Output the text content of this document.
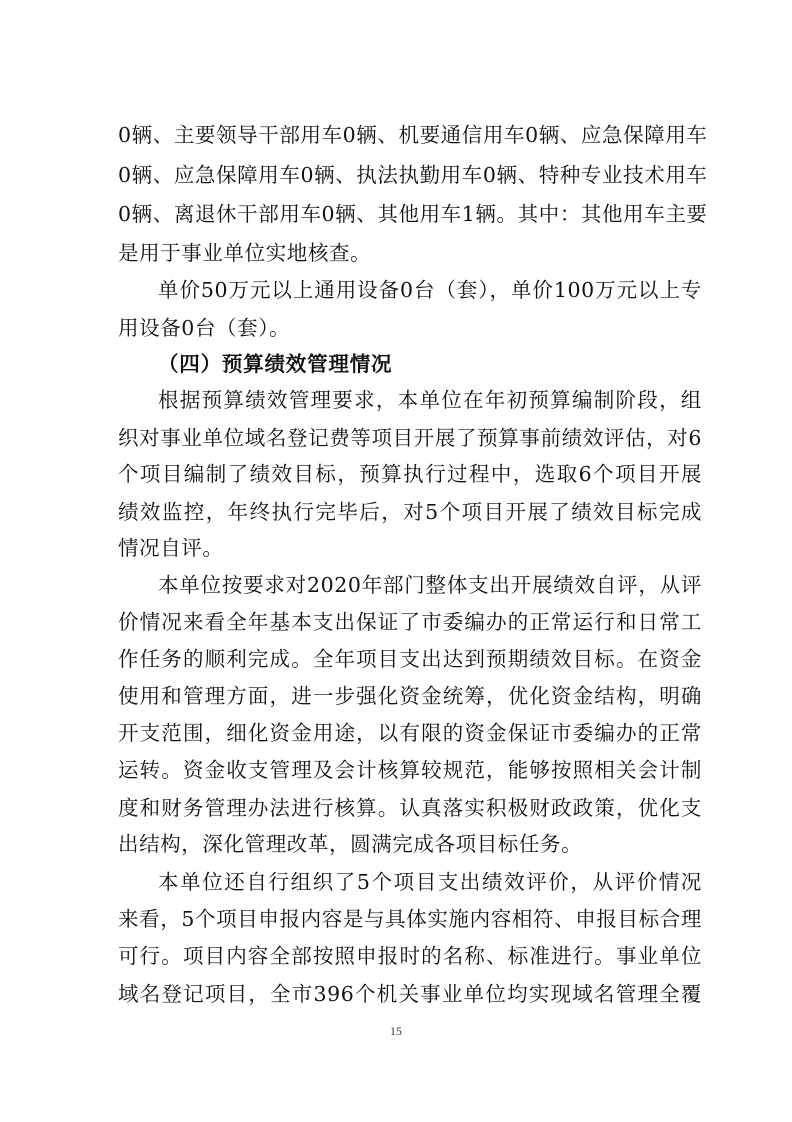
0辆、主要领导干部用车0辆、机要通信用车0辆、应急保障用车
0辆、应急保障用车0辆、执法执勤用车0辆、特种专业技术用车
0辆、离退休干部用车0辆、其他用车1辆。其中：其他用车主要
是用于事业单位实地核查。
单价50万元以上通用设备0台（套），单价100万元以上专
用设备0台（套）。
（四）预算绩效管理情况
根据预算绩效管理要求，本单位在年初预算编制阶段，组
织对事业单位域名登记费等项目开展了预算事前绩效评估，对6
个项目编制了绩效目标，预算执行过程中，选取6个项目开展
绩效监控，年终执行完毕后，对5个项目开展了绩效目标完成
情况自评。
本单位按要求对2020年部门整体支出开展绩效自评，从评
价情况来看全年基本支出保证了市委编办的正常运行和日常工
作任务的顺利完成。全年项目支出达到预期绩效目标。在资金
使用和管理方面，进一步强化资金统筹，优化资金结构，明确
开支范围，细化资金用途，以有限的资金保证市委编办的正常
运转。资金收支管理及会计核算较规范，能够按照相关会计制
度和财务管理办法进行核算。认真落实积极财政政策，优化支
出结构，深化管理改革，圆满完成各项目标任务。
本单位还自行组织了5个项目支出绩效评价，从评价情况
来看，5个项目申报内容是与具体实施内容相符、申报目标合理
可行。项目内容全部按照申报时的名称、标准进行。事业单位
域名登记项目，全市396个机关事业单位均实现域名管理全覆
15
